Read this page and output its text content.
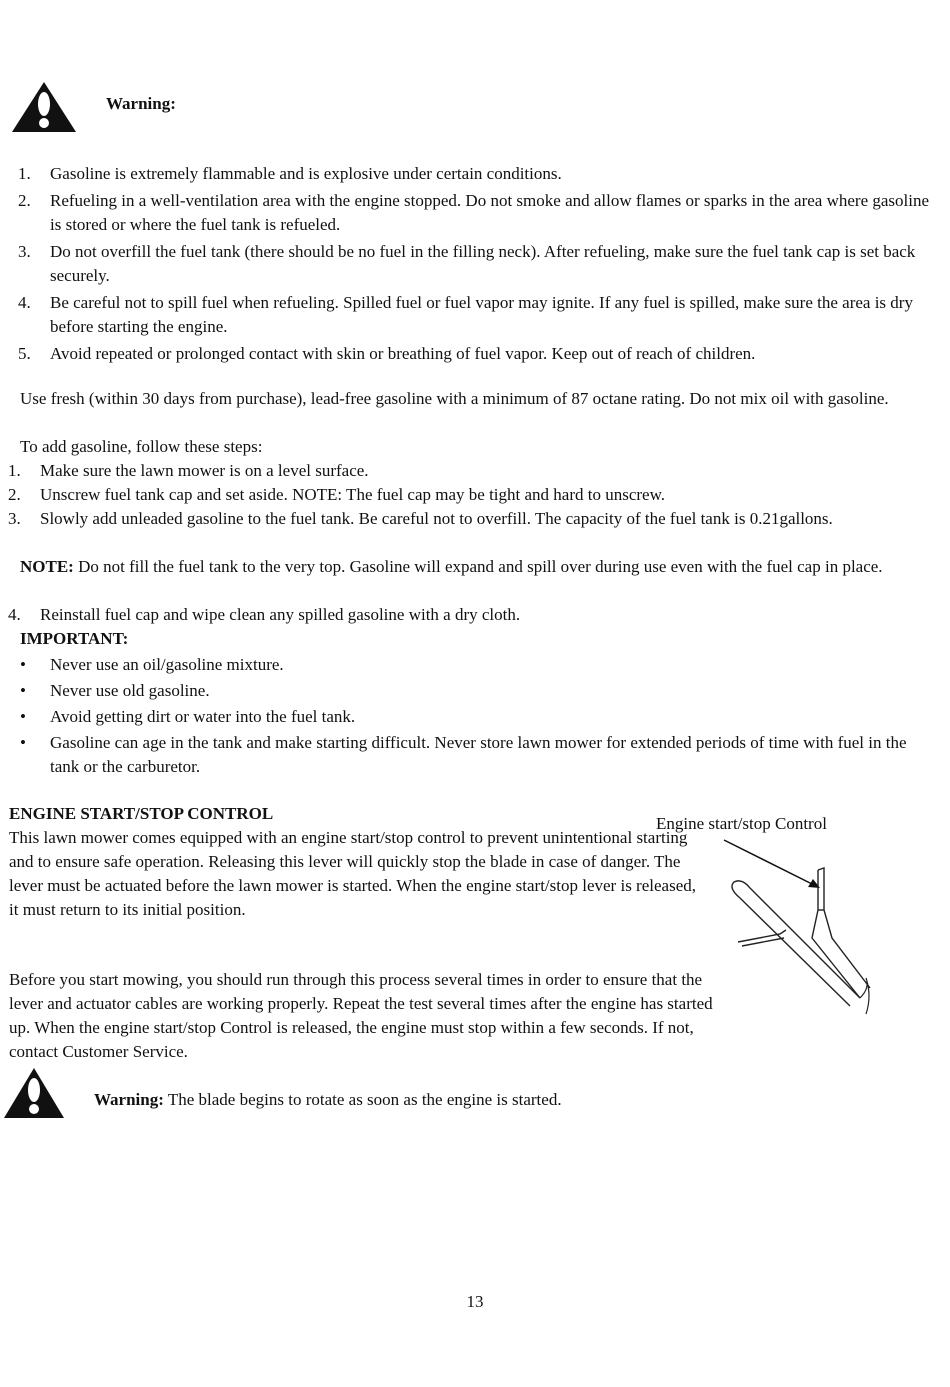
Warning:
1. Gasoline is extremely flammable and is explosive under certain conditions.
2. Refueling in a well-ventilation area with the engine stopped. Do not smoke and allow flames or sparks in the area where gasoline is stored or where the fuel tank is refueled.
3. Do not overfill the fuel tank (there should be no fuel in the filling neck). After refueling, make sure the fuel tank cap is set back securely.
4. Be careful not to spill fuel when refueling. Spilled fuel or fuel vapor may ignite. If any fuel is spilled, make sure the area is dry before starting the engine.
5. Avoid repeated or prolonged contact with skin or breathing of fuel vapor. Keep out of reach of children.
Use fresh (within 30 days from purchase), lead-free gasoline with a minimum of 87 octane rating. Do not mix oil with gasoline.
To add gasoline, follow these steps:
1. Make sure the lawn mower is on a level surface.
2. Unscrew fuel tank cap and set aside. NOTE: The fuel cap may be tight and hard to unscrew.
3. Slowly add unleaded gasoline to the fuel tank. Be careful not to overfill. The capacity of the fuel tank is 0.21gallons.
NOTE: Do not fill the fuel tank to the very top. Gasoline will expand and spill over during use even with the fuel cap in place.
4. Reinstall fuel cap and wipe clean any spilled gasoline with a dry cloth.
IMPORTANT:
• Never use an oil/gasoline mixture.
• Never use old gasoline.
• Avoid getting dirt or water into the fuel tank.
• Gasoline can age in the tank and make starting difficult. Never store lawn mower for extended periods of time with fuel in the tank or the carburetor.
ENGINE START/STOP CONTROL
This lawn mower comes equipped with an engine start/stop control to prevent unintentional starting and to ensure safe operation. Releasing this lever will quickly stop the blade in case of danger. The lever must be actuated before the lawn mower is started. When the engine start/stop lever is released, it must return to its initial position.
Before you start mowing, you should run through this process several times in order to ensure that the lever and actuator cables are working properly. Repeat the test several times after the engine has started up. When the engine start/stop Control is released, the engine must stop within a few seconds. If not, contact Customer Service.
Engine start/stop Control
Warning: The blade begins to rotate as soon as the engine is started.
13
